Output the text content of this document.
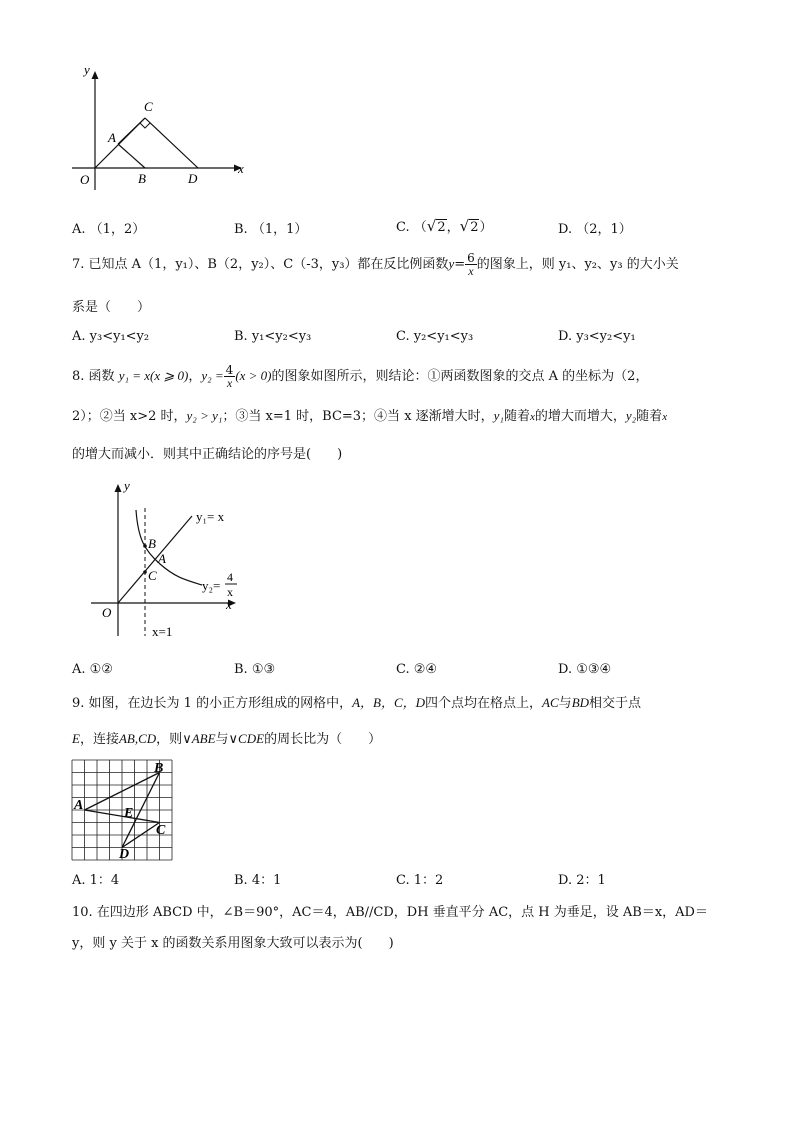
y
x
O
A
B
C
D
A. （1，2）	B. （1，1）	C. （√2，√2）	D. （2，1）
7. 已知点 A（1，y₁）、B（2，y₂）、C（-3，y₃）都在反比例函数$y= \frac{6}{x}$ 的图象上，则 y₁、y₂、y₃ 的大小关
系是（　　）
A. y₃<y₁<y₂	B. y₁<y₂<y₃	C. y₂<y₁<y₃	D. y₃<y₂<y₁
8. 函数 y₁ = x(x ⩾ 0)，$y_2 = \frac{4}{x} (x > 0)$的图象如图所示，则结论：①两函数图象的交点 A 的坐标为（2，
2）；②当 x>2 时，y₂ > y₁；③当 x=1 时，BC=3；④当 x 逐渐增大时，y₁随着x的增大而增大，y₂随着x
的增大而减小．则其中正确结论的序号是(　　)
y
x
O
y₁= x
y₂=
4
x
B
A
C
x=1
A. ①②	B. ①③	C. ②④	D. ①③④
9. 如图，在边长为 1 的小正方形组成的网格中，A，B，C，D四个点均在格点上，AC与BD相交于点
E，连接AB,CD，则∨ABE与∨CDE的周长比为（　　）
B
A
E
C
D
A. 1：4	B. 4：1	C. 1：2	D. 2：1
10. 在四边形 ABCD 中，∠B＝90°，AC＝4，AB//CD，DH 垂直平分 AC，点 H 为垂足，设 AB＝x，AD＝
y，则 y 关于 x 的函数关系用图象大致可以表示为(　　)
